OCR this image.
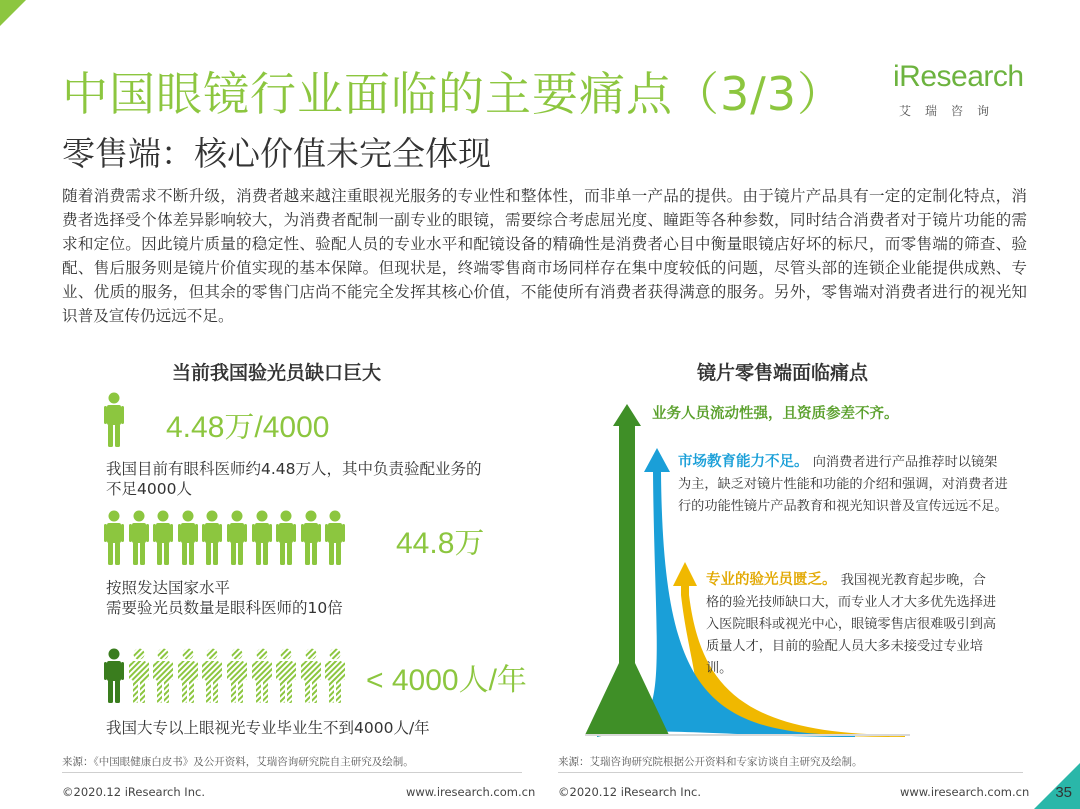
中国眼镜行业面临的主要痛点（3/3）
零售端：核心价值未完全体现
iResearch
艾瑞咨询
随着消费需求不断升级，消费者越来越注重眼视光服务的专业性和整体性，而非单一产品的提供。由于镜片产品具有一定的定制化特点，消费者选择受个体差异影响较大，为消费者配制一副专业的眼镜，需要综合考虑屈光度、瞳距等各种参数，同时结合消费者对于镜片功能的需求和定位。因此镜片质量的稳定性、验配人员的专业水平和配镜设备的精确性是消费者心目中衡量眼镜店好坏的标尺，而零售端的筛查、验配、售后服务则是镜片价值实现的基本保障。但现状是，终端零售商市场同样存在集中度较低的问题，尽管头部的连锁企业能提供成熟、专业、优质的服务，但其余的零售门店尚不能完全发挥其核心价值，不能使所有消费者获得满意的服务。另外，零售端对消费者进行的视光知识普及宣传仍远远不足。
当前我国验光员缺口巨大
4.48万/4000
我国目前有眼科医师约4.48万人，其中负责验配业务的
不足4000人
44.8万
按照发达国家水平
需要验光员数量是眼科医师的10倍
< 4000人/年
我国大专以上眼视光专业毕业生不到4000人/年
镜片零售端面临痛点
业务人员流动性强，且资质参差不齐。
市场教育能力不足。 向消费者进行产品推荐时以镜架为主，缺乏对镜片性能和功能的介绍和强调，对消费者进行的功能性镜片产品教育和视光知识普及宣传远远不足。
专业的验光员匮乏。 我国视光教育起步晚，合格的验光技师缺口大，而专业人才大多优先选择进入医院眼科或视光中心，眼镜零售店很难吸引到高质量人才，目前的验配人员大多未接受过专业培训。
来源：《中国眼健康白皮书》及公开资料，艾瑞咨询研究院自主研究及绘制。	来源：艾瑞咨询研究院根据公开资料和专家访谈自主研究及绘制。
©2020.12 iResearch Inc.	www.iresearch.com.cn ©2020.12 iResearch Inc.	www.iresearch.com.cn 35
